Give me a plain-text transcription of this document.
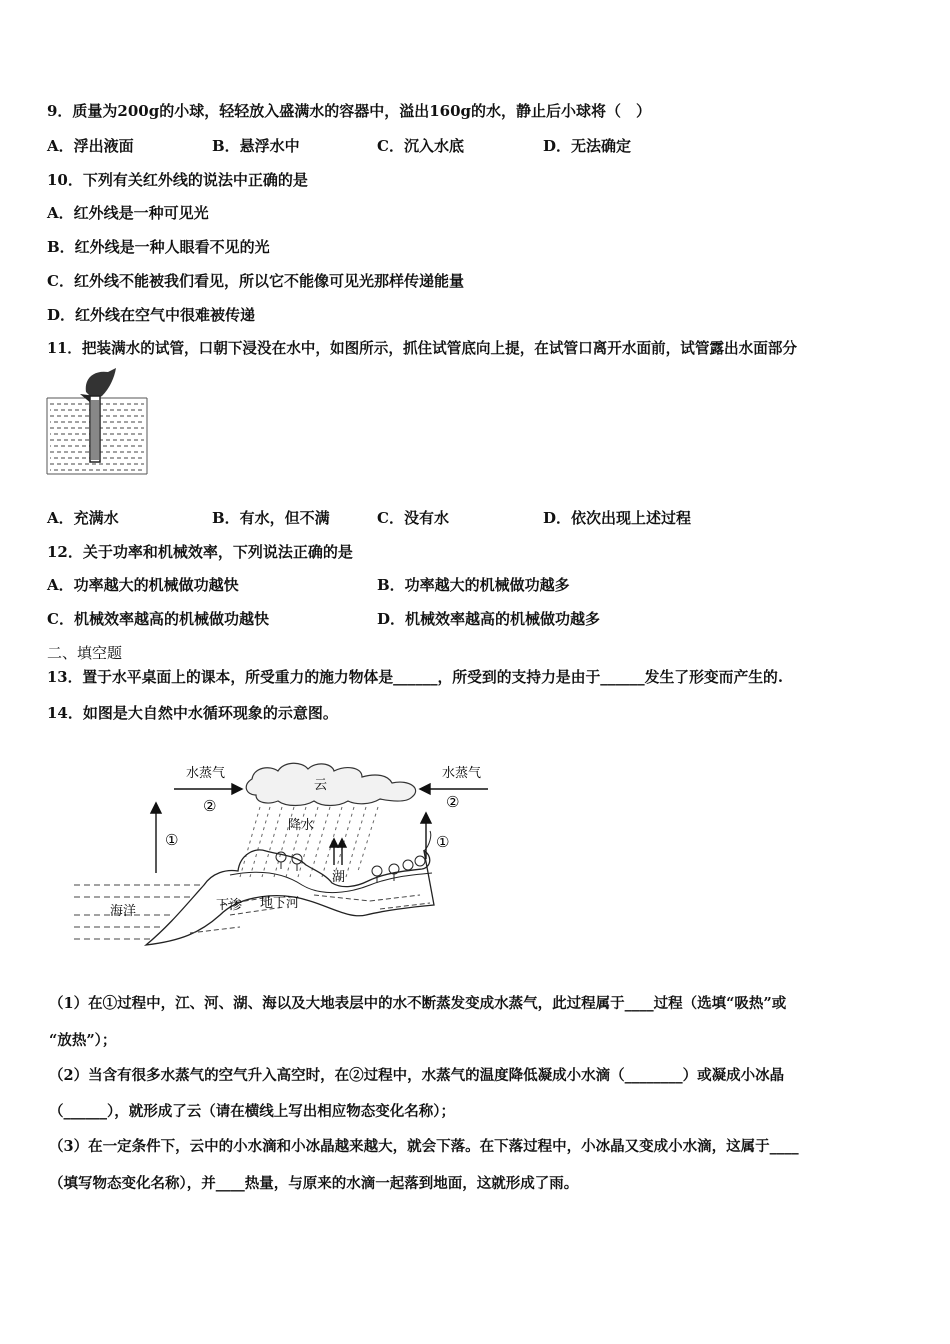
9．质量为200g的小球，轻轻放入盛满水的容器中，溢出160g的水，静止后小球将（　）
A．浮出液面	B．悬浮水中	C．沉入水底	D．无法确定
10．下列有关红外线的说法中正确的是
A．红外线是一种可见光
B．红外线是一种人眼看不见的光
C．红外线不能被我们看见，所以它不能像可见光那样传递能量
D．红外线在空气中很难被传递
11．把装满水的试管，口朝下浸没在水中，如图所示，抓住试管底向上提，在试管口离开水面前，试管露出水面部分
A．充满水	B．有水，但不满	C．没有水	D．依次出现上述过程
12．关于功率和机械效率，下列说法正确的是
A．功率越大的机械做功越快	B．功率越大的机械做功越多
C．机械效率越高的机械做功越快	D．机械效率越高的机械做功越多
二、填空题
13．置于水平桌面上的课本，所受重力的施力物体是______，所受到的支持力是由于______发生了形变而产生的.
14．如图是大自然中水循环现象的示意图。
水蒸气	水蒸气
②	②
①	①
云
降水
湖
海洋	下渗 地下河
（1）在①过程中，江、河、湖、海以及大地表层中的水不断蒸发变成水蒸气，此过程属于____过程（选填“吸热”或
“放热”）；
（2）当含有很多水蒸气的空气升入高空时，在②过程中，水蒸气的温度降低凝成小水滴（________）或凝成小冰晶
（______），就形成了云（请在横线上写出相应物态变化名称）；
（3）在一定条件下，云中的小水滴和小冰晶越来越大，就会下落。在下落过程中，小冰晶又变成小水滴，这属于____
（填写物态变化名称），并____热量，与原来的水滴一起落到地面，这就形成了雨。
